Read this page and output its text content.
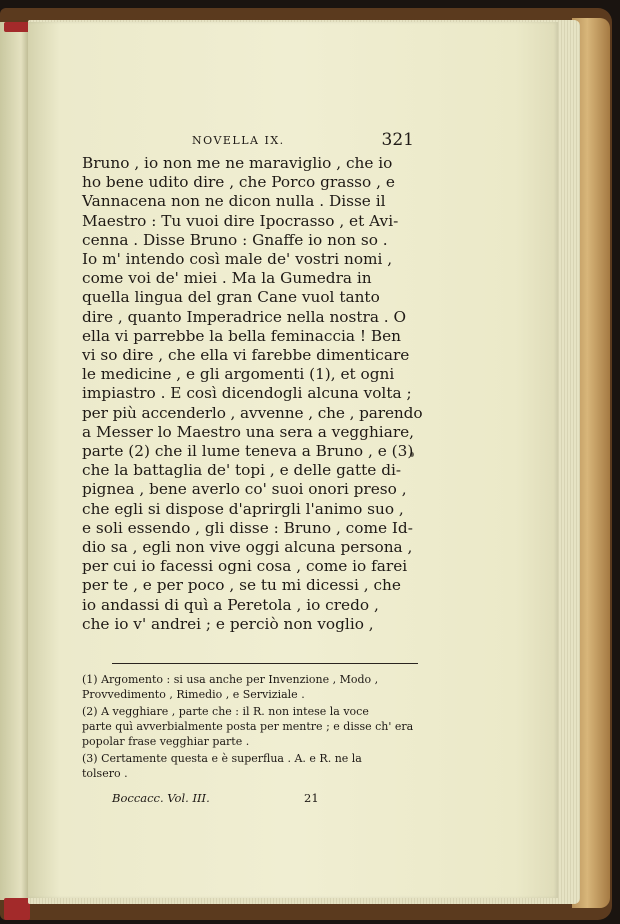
NOVELLA IX.	321

Bruno , io non me ne maraviglio , che io

ho bene udito dire , che Porco grasso , e

Vannacena non ne dicon nulla . Disse il

Maestro : Tu vuoi dire Ipocrasso , et Avi-

cenna . Disse Bruno : Gnaffe io non so .

Io m' intendo così male de' vostri nomi ,

come voi de' miei . Ma la Gumedra in

quella lingua del gran Cane vuol tanto

dire , quanto Imperadrice nella nostra . O

ella vi parrebbe la bella feminaccia ! Ben

vi so dire , che ella vi farebbe dimenticare

le medicine , e gli argomenti (1), et ogni

impiastro . E così dicendogli alcuna volta ;

per più accenderlo , avvenne , che , parendo

a Messer lo Maestro una sera a vegghiare,

parte (2) che il lume teneva a Bruno , e (3)

che la battaglia de' topi , e delle gatte di-

pignea , bene averlo co' suoi onori preso ,

che egli si dispose d'aprirgli l'animo suo ,

e soli essendo , gli disse : Bruno , come Id-

dio sa , egli non vive oggi alcuna persona ,

per cui io facessi ogni cosa , come io farei

per te , e per poco , se tu mi dicessi , che

io andassi di quì a Peretola , io credo ,

che io v' andrei ; e perciò non voglio ,

(1) Argomento : si usa anche per Invenzione , Modo ,

Provvedimento , Rimedio , e Serviziale .

(2) A vegghiare , parte che : il R. non intese la voce

parte quì avverbialmente posta per mentre ; e disse ch' era

popolar frase vegghiar parte .

(3) Certamente questa e è superflua . A. e R. ne la

tolsero .

Boccacc. Vol. III.	21
